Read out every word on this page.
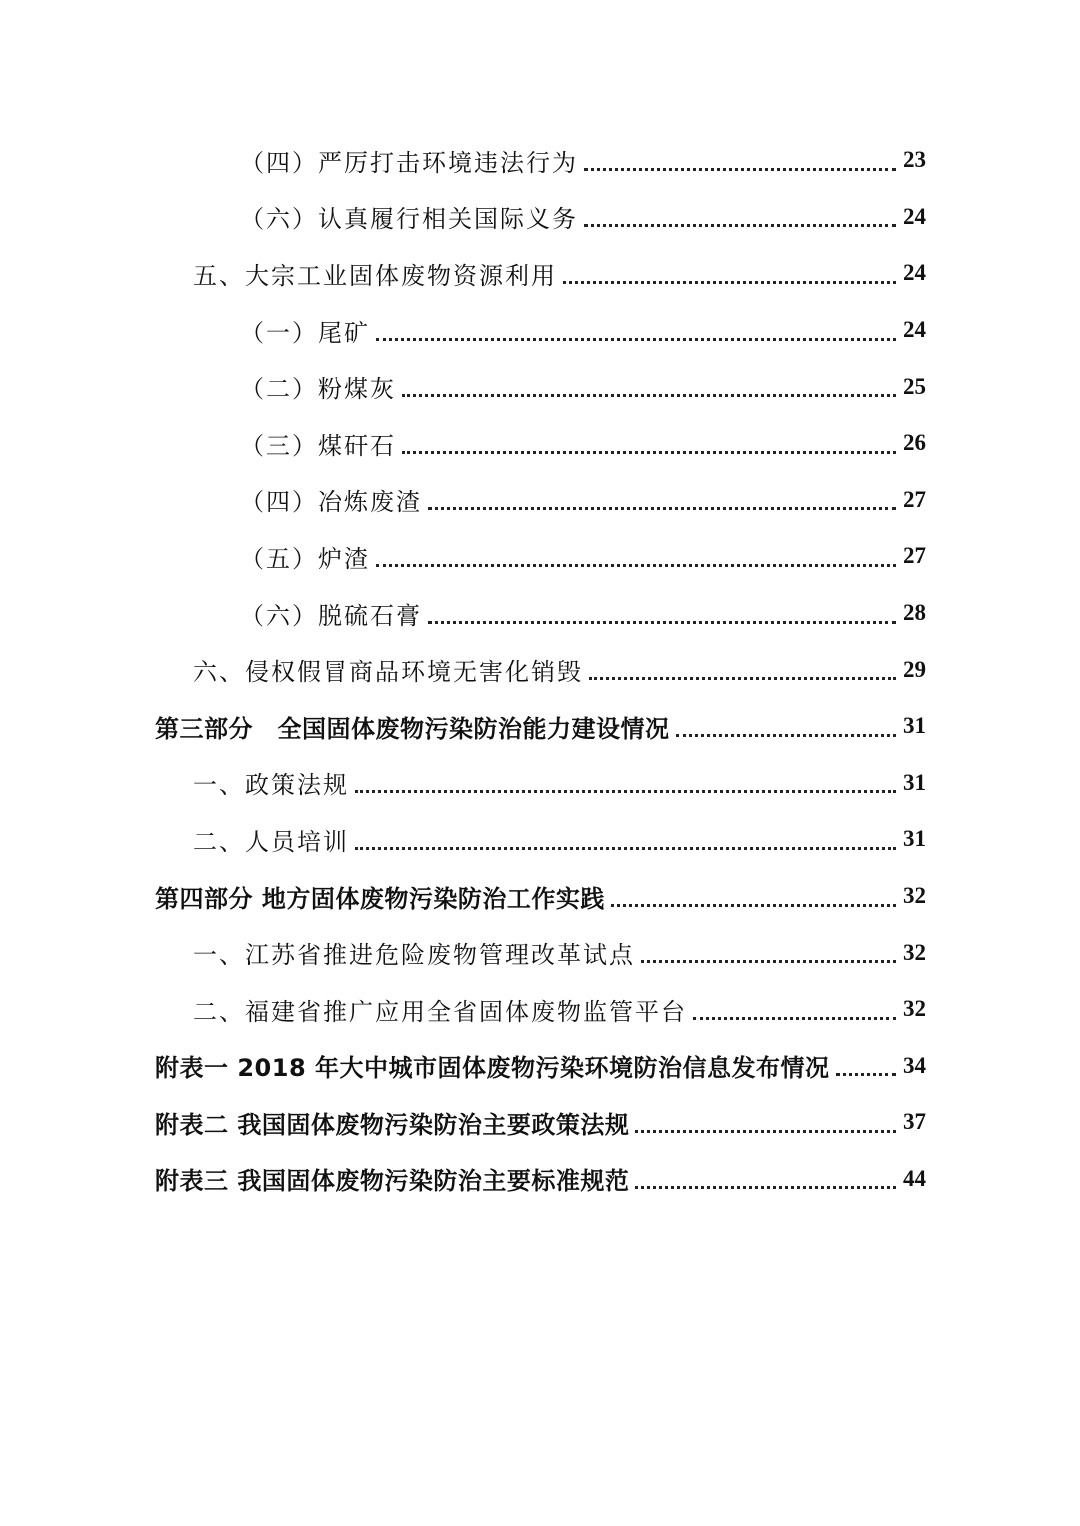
（四）严厉打击环境违法行为	23
（六）认真履行相关国际义务	24
五、大宗工业固体废物资源利用	24
（一）尾矿	24
（二）粉煤灰	25
（三）煤矸石	26
（四）冶炼废渣	27
（五）炉渣	27
（六）脱硫石膏	28
六、侵权假冒商品环境无害化销毁	29
第三部分　全国固体废物污染防治能力建设情况	31
一、政策法规	31
二、人员培训	31
第四部分 地方固体废物污染防治工作实践	32
一、江苏省推进危险废物管理改革试点	32
二、福建省推广应用全省固体废物监管平台	32
附表一 2018 年大中城市固体废物污染环境防治信息发布情况	34
附表二 我国固体废物污染防治主要政策法规	37
附表三 我国固体废物污染防治主要标准规范	44
